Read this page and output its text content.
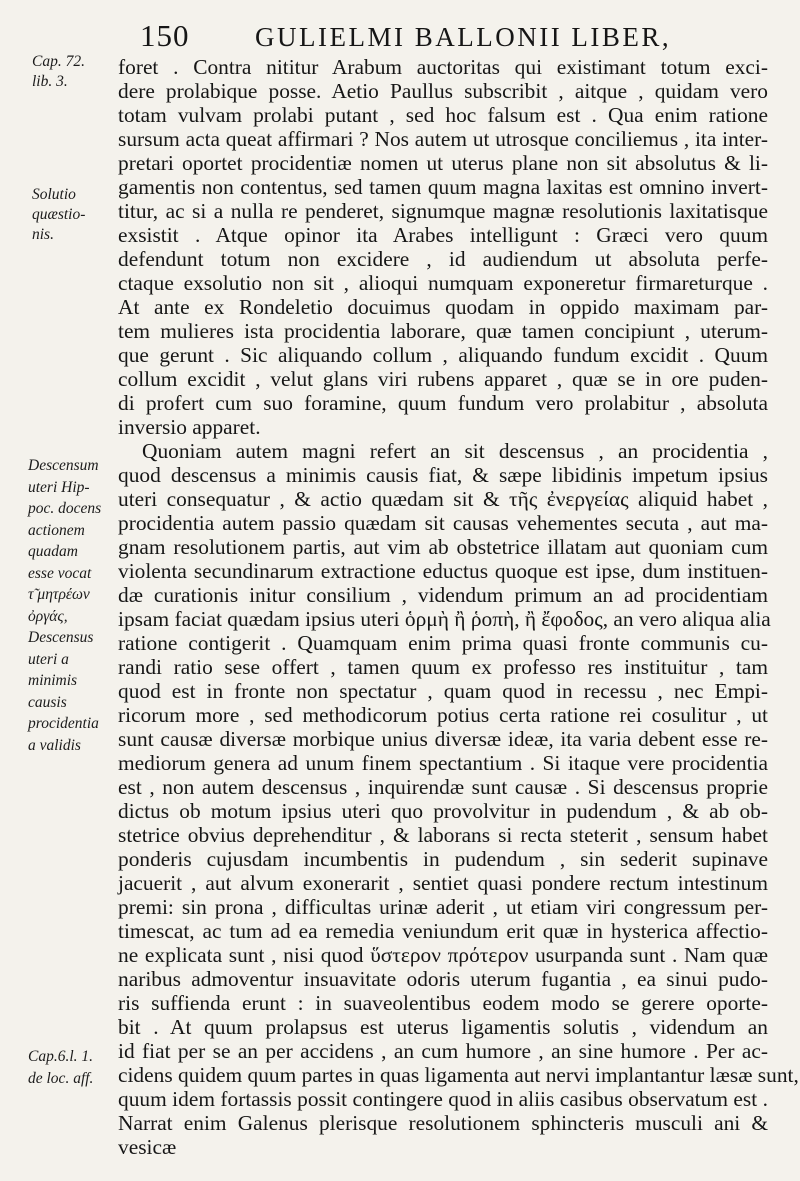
150 GULIELMI BALLONII LIBER,
Cap. 72.
lib. 3.
Solutio
quæstio-
nis.
Descensum
uteri Hip-
poc. docens
actionem
quadam
esse vocat
τ̃ μητρέων
ὀργάς,
Descensus
uteri a
minimis
causis
procidentia
a validis
Cap.6.l. 1.
de loc. aff.
foret . Contra nititur Arabum auctoritas qui existimant totum exci-
dere prolabique posse. Aetio Paullus subscribit , aitque , quidam vero
totam vulvam prolabi putant , sed hoc falsum est . Qua enim ratione
sursum acta queat affirmari ? Nos autem ut utrosque conciliemus , ita inter-
pretari oportet procidentiæ nomen ut uterus plane non sit absolutus & li-
gamentis non contentus, sed tamen quum magna laxitas est omnino invert-
titur, ac si a nulla re penderet, signumque magnæ resolutionis laxitatisque
exsistit . Atque opinor ita Arabes intelligunt : Græci vero quum
defendunt totum non excidere , id audiendum ut absoluta perfe-
ctaque exsolutio non sit , alioqui numquam exponeretur firmareturque .
At ante ex Rondeletio docuimus quodam in oppido maximam par-
tem mulieres ista procidentia laborare, quæ tamen concipiunt , uterum-
que gerunt . Sic aliquando collum , aliquando fundum excidit . Quum
collum excidit , velut glans viri rubens apparet , quæ se in ore puden-
di profert cum suo foramine, quum fundum vero prolabitur , absoluta
inversio apparet.
Quoniam autem magni refert an sit descensus , an procidentia ,
quod descensus a minimis causis fiat, & sæpe libidinis impetum ipsius
uteri consequatur , & actio quædam sit & τῆς ἐνεργείας aliquid habet ,
procidentia autem passio quædam sit causas vehementes secuta , aut ma-
gnam resolutionem partis, aut vim ab obstetrice illatam aut quoniam cum
violenta secundinarum extractione eductus quoque est ipse, dum instituen-
dæ curationis initur consilium , videndum primum an ad procidentiam
ipsam faciat quædam ipsius uteri ὁρμὴ ἢ ῥοπὴ, ἢ ἔφοδος, an vero aliqua alia
ratione contigerit . Quamquam enim prima quasi fronte communis cu-
randi ratio sese offert , tamen quum ex professo res instituitur , tam
quod est in fronte non spectatur , quam quod in recessu , nec Empi-
ricorum more , sed methodicorum potius certa ratione rei cosulitur , ut
sunt causæ diversæ morbique unius diversæ ideæ, ita varia debent esse re-
mediorum genera ad unum finem spectantium . Si itaque vere procidentia
est , non autem descensus , inquirendæ sunt causæ . Si descensus proprie
dictus ob motum ipsius uteri quo provolvitur in pudendum , & ab ob-
stetrice obvius deprehenditur , & laborans si recta steterit , sensum habet
ponderis cujusdam incumbentis in pudendum , sin sederit supinave
jacuerit , aut alvum exonerarit , sentiet quasi pondere rectum intestinum
premi: sin prona , difficultas urinæ aderit , ut etiam viri congressum per-
timescat, ac tum ad ea remedia veniundum erit quæ in hysterica affectio-
ne explicata sunt , nisi quod ὕστερον πρότερον usurpanda sunt . Nam quæ
naribus admoventur insuavitate odoris uterum fugantia , ea sinui pudo-
ris suffienda erunt : in suaveolentibus eodem modo se gerere oporte-
bit . At quum prolapsus est uterus ligamentis solutis , videndum an
id fiat per se an per accidens , an cum humore , an sine humore . Per ac-
cidens quidem quum partes in quas ligamenta aut nervi implantantur læsæ sunt,
quum idem fortassis possit contingere quod in aliis casibus observatum est .
Narrat enim Galenus plerisque resolutionem sphincteris musculi ani &
vesicæ
